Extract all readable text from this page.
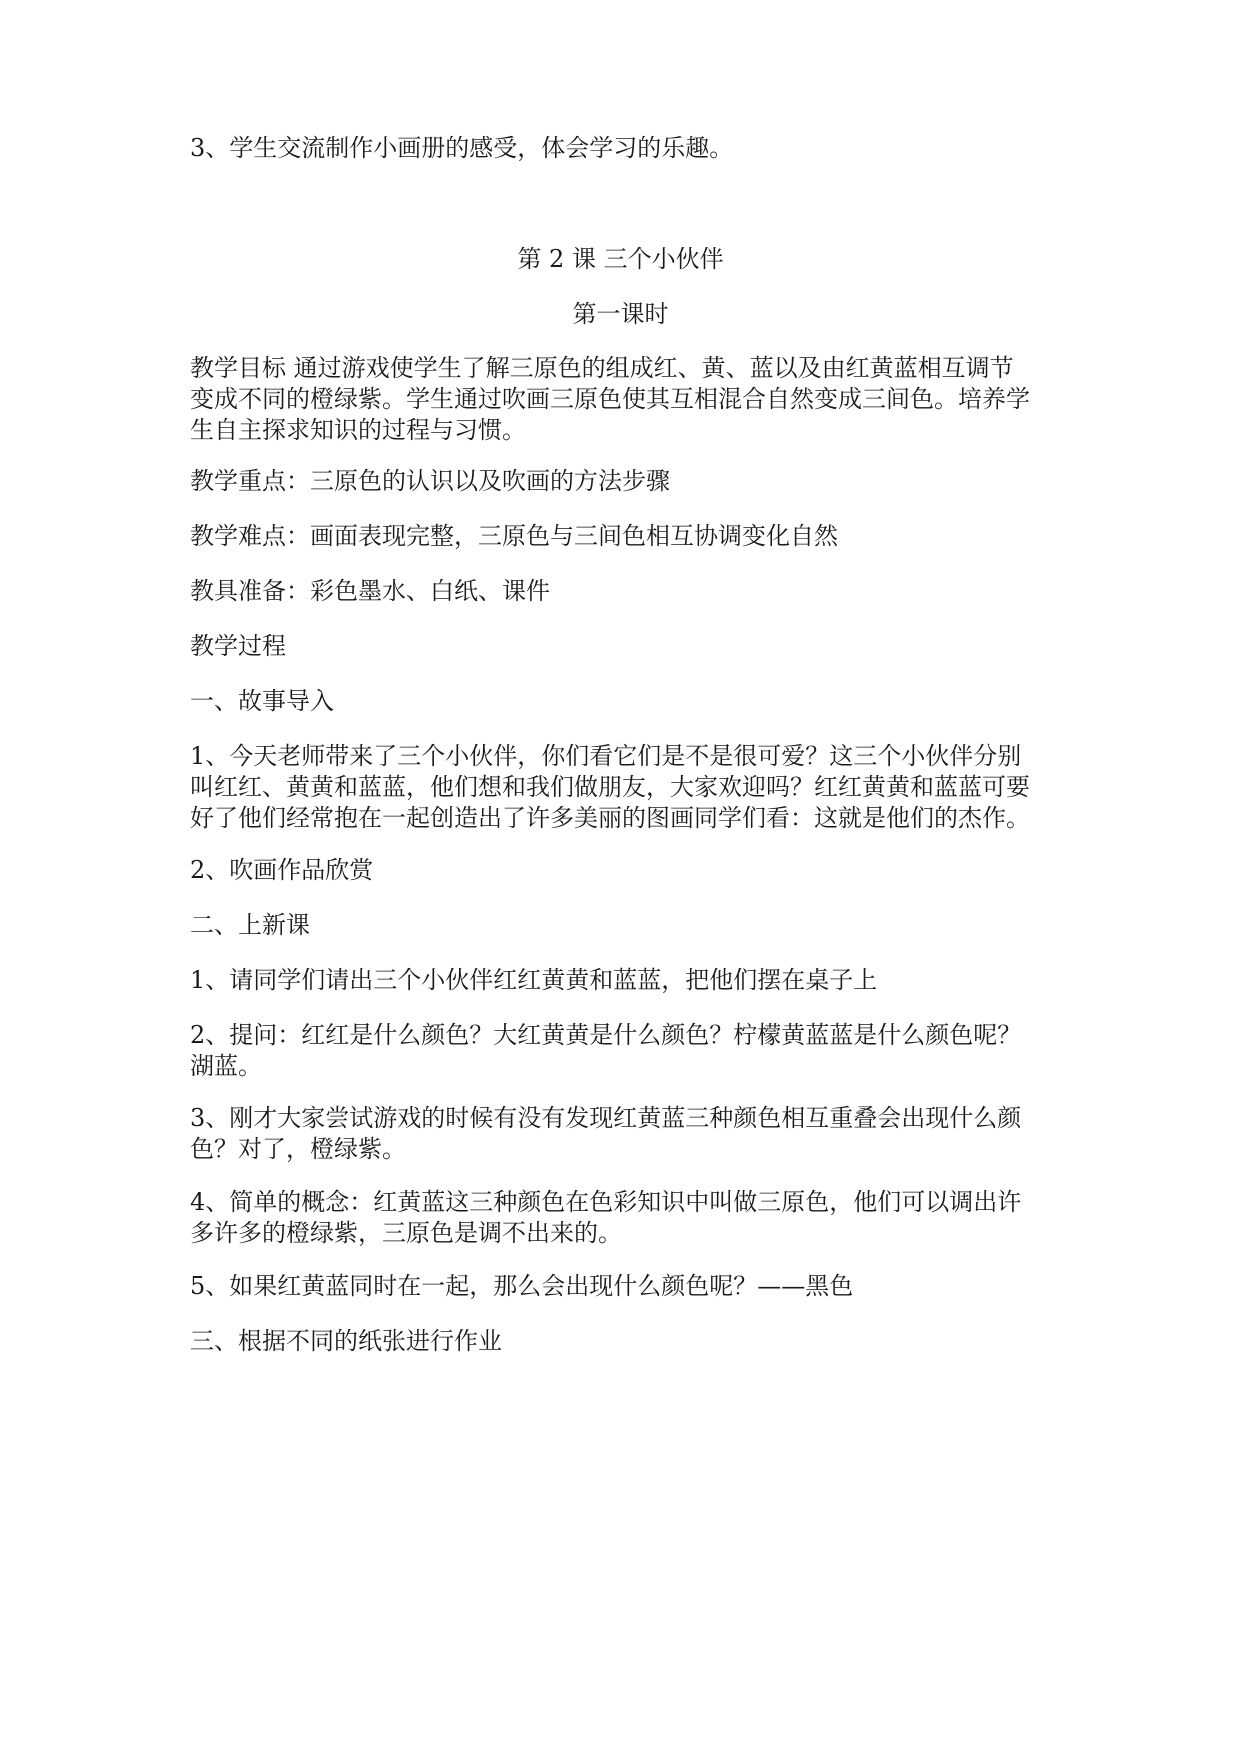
3、学生交流制作小画册的感受，体会学习的乐趣。

第 2 课 三个小伙伴

第一课时

教学目标 通过游戏使学生了解三原色的组成红、黄、蓝以及由红黄蓝相互调节

变成不同的橙绿紫。学生通过吹画三原色使其互相混合自然变成三间色。培养学

生自主探求知识的过程与习惯。

教学重点：三原色的认识以及吹画的方法步骤

教学难点：画面表现完整，三原色与三间色相互协调变化自然

教具准备：彩色墨水、白纸、课件

教学过程

一、故事导入

1、今天老师带来了三个小伙伴，你们看它们是不是很可爱？这三个小伙伴分别

叫红红、黄黄和蓝蓝，他们想和我们做朋友，大家欢迎吗？红红黄黄和蓝蓝可要

好了他们经常抱在一起创造出了许多美丽的图画同学们看：这就是他们的杰作。

2、吹画作品欣赏

二、上新课

1、请同学们请出三个小伙伴红红黄黄和蓝蓝，把他们摆在桌子上

2、提问：红红是什么颜色？大红黄黄是什么颜色？柠檬黄蓝蓝是什么颜色呢？

湖蓝。

3、刚才大家尝试游戏的时候有没有发现红黄蓝三种颜色相互重叠会出现什么颜

色？对了，橙绿紫。

4、简单的概念：红黄蓝这三种颜色在色彩知识中叫做三原色，他们可以调出许

多许多的橙绿紫，三原色是调不出来的。

5、如果红黄蓝同时在一起，那么会出现什么颜色呢？——黑色

三、根据不同的纸张进行作业
